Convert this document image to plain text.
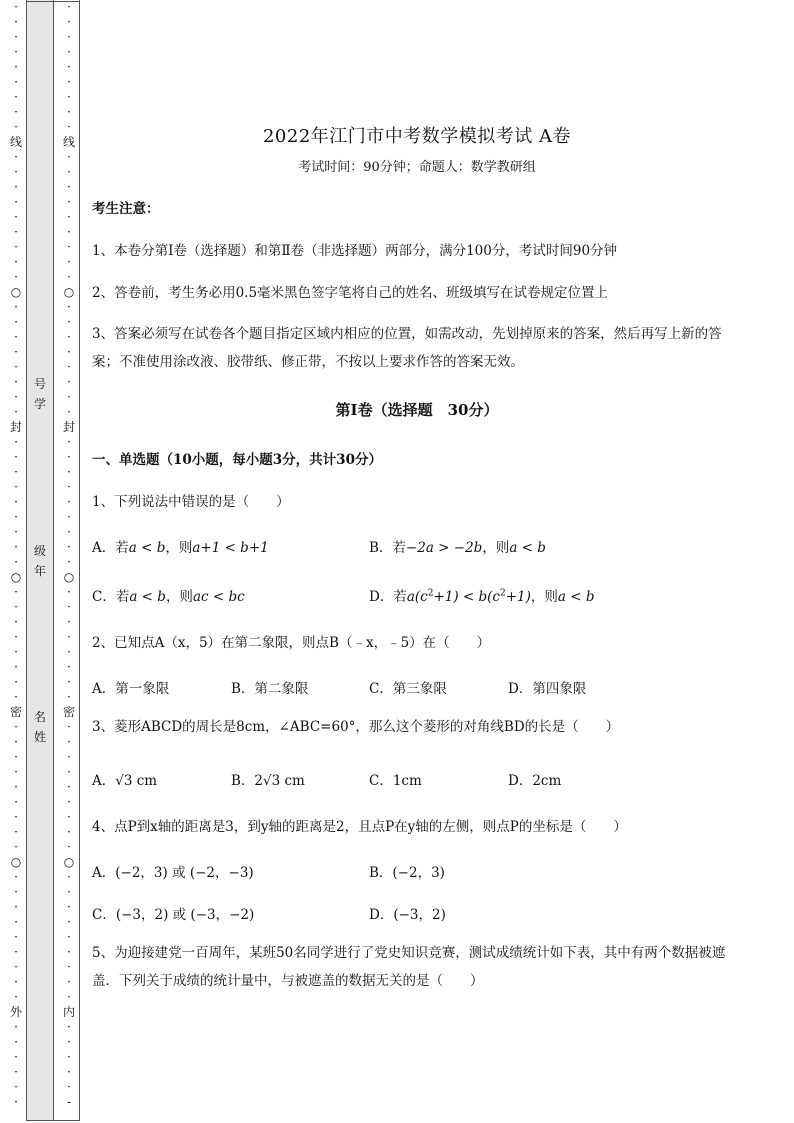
·
·
·
·
·
·
·
·
·
线
·
·
·
·
·
·
·
·
·
○
·
·
·
·
·
·
·
·
封
·
·
·
·
·
·
·
·
·
○
·
·
·
·
·
·
·
·
密
·
·
·
·
·
·
·
·
·
○
·
·
·
·
·
·
·
·
·
外
·
·
·
·
·
·
·
·
·
·
·
·
·
·
·
线
·
·
·
·
·
·
·
·
·
○
·
·
·
·
·
·
·
·
封
·
·
·
·
·
·
·
·
·
○
·
·
·
·
·
·
·
·
密
·
·
·
·
·
·
·
·
·
○
·
·
·
·
·
·
·
·
·
内
·
·
·
·
·
-
号
学
级
年
名
姓
2022年江门市中考数学模拟考试 A卷
考试时间：90分钟；命题人：数学教研组
考生注意：
1、本卷分第I卷（选择题）和第Ⅱ卷（非选择题）两部分，满分100分，考试时间90分钟
2、答卷前，考生务必用0.5毫米黑色签字笔将自己的姓名、班级填写在试卷规定位置上
3、答案必须写在试卷各个题目指定区域内相应的位置，如需改动，先划掉原来的答案，然后再写上新的答案；不准使用涂改液、胶带纸、修正带，不按以上要求作答的答案无效。
第I卷（选择题　30分）
一、单选题（10小题，每小题3分，共计30分）
1、下列说法中错误的是（　　）
A．若a < b，则a+1 < b+1	B．若−2a > −2b，则a < b
C．若a < b，则ac < bc	D．若$a(c^2+1) < b(c^2+1)$，则a < b
2、已知点A（x，5）在第二象限，则点B（﹣x，﹣5）在（　　）
A．第一象限	B．第二象限	C．第三象限	D．第四象限
3、菱形ABCD的周长是8cm，∠ABC=60°，那么这个菱形的对角线BD的长是（　　）
A．√3 cm	B．2√3 cm	C．1cm	D．2cm
4、点P到x轴的距离是3，到y轴的距离是2，且点P在y轴的左侧，则点P的坐标是（　　）
A．(−2，3) 或 (−2，−3)	B．(−2，3)
C．(−3，2) 或 (−3，−2)	D．(−3，2)
5、为迎接建党一百周年，某班50名同学进行了党史知识竞赛，测试成绩统计如下表，其中有两个数据被遮盖．下列关于成绩的统计量中，与被遮盖的数据无关的是（　　）
